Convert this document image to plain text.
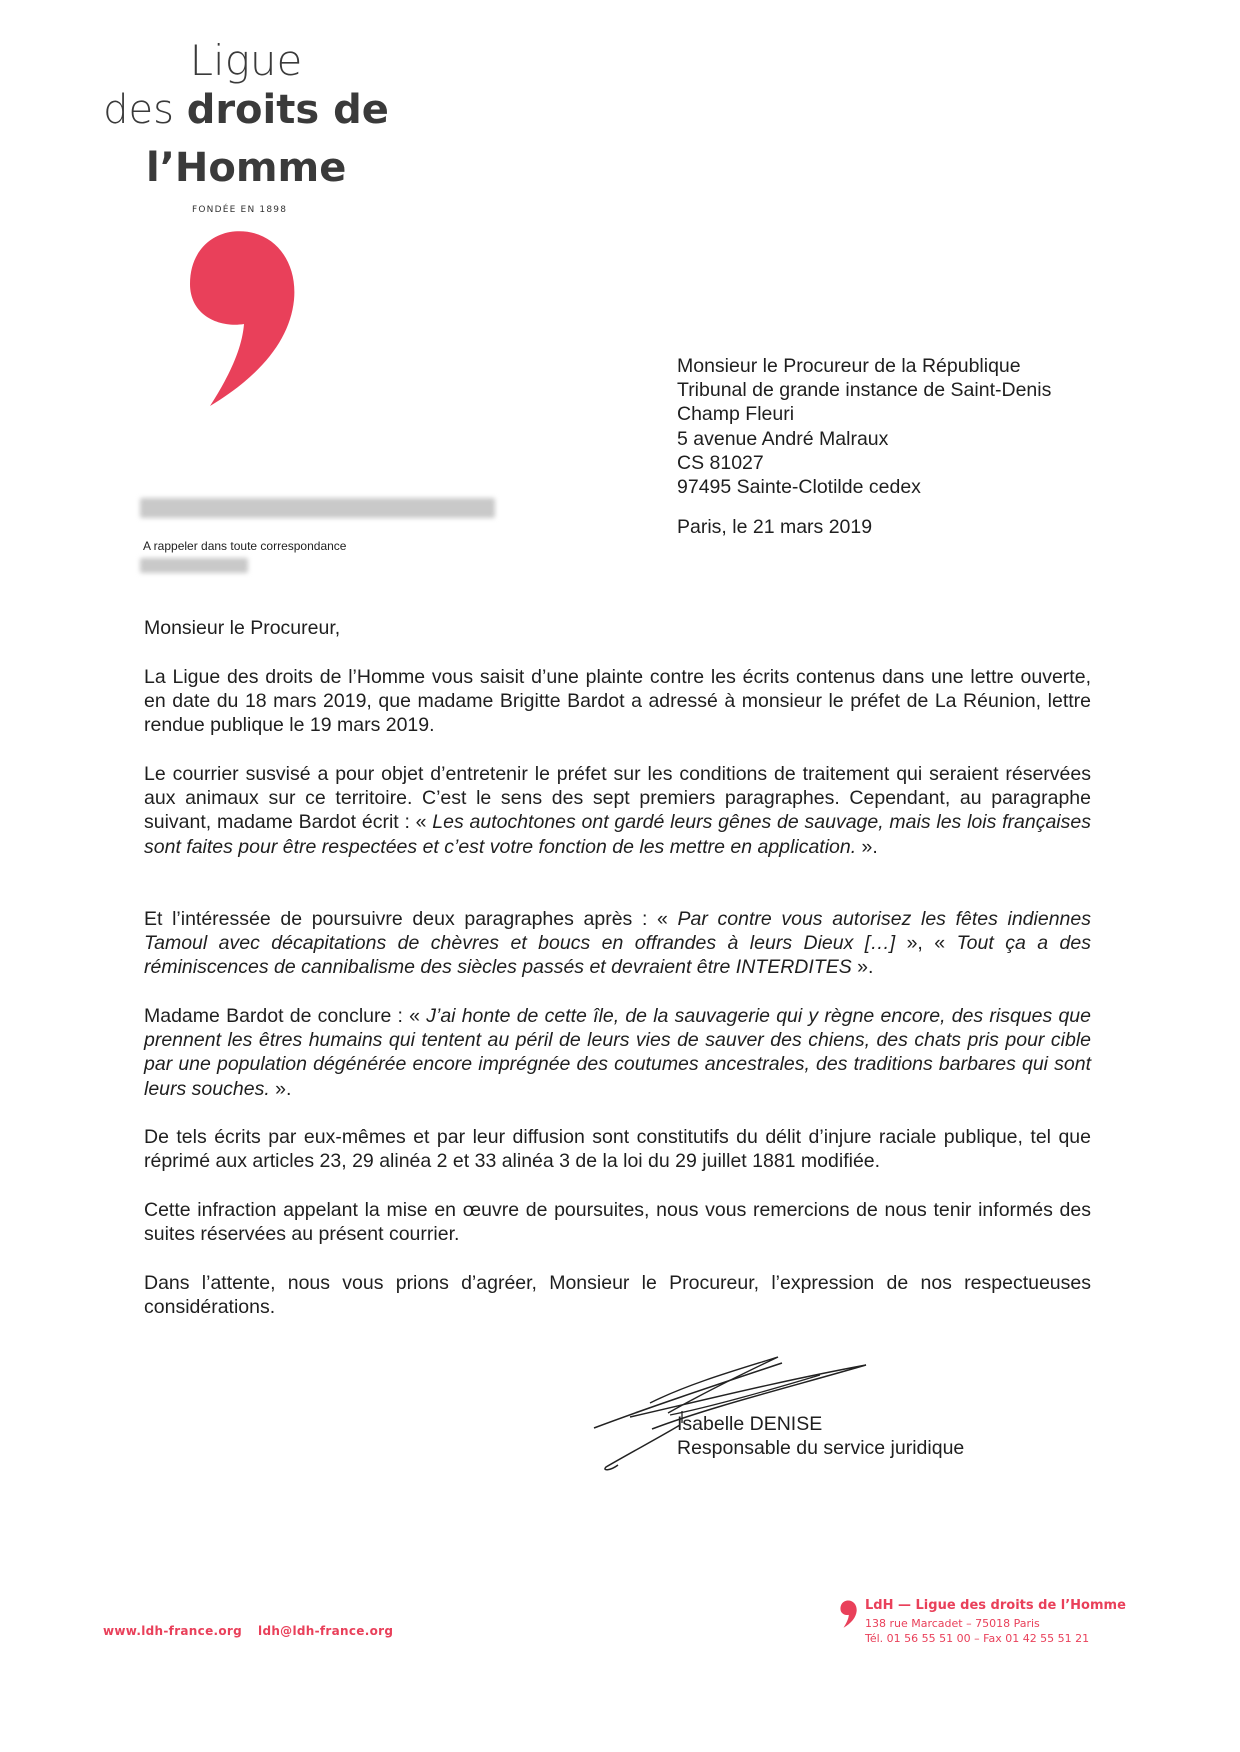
Ligue
des droits de
l’Homme
FONDÉE EN 1898
A rappeler dans toute correspondance
Monsieur le Procureur de la République
Tribunal de grande instance de Saint-Denis
Champ Fleuri
5 avenue André Malraux
CS 81027
97495 Sainte-Clotilde cedex
Paris, le 21 mars 2019
Monsieur le Procureur,

La Ligue des droits de l’Homme vous saisit d’une plainte contre les écrits contenus dans une lettre ouverte, en date du 18 mars 2019, que madame Brigitte Bardot a adressé à monsieur le préfet de La Réunion, lettre rendue publique le 19 mars 2019.

Le courrier susvisé a pour objet d’entretenir le préfet sur les conditions de traitement qui seraient réservées aux animaux sur ce territoire. C’est le sens des sept premiers paragraphes. Cependant, au paragraphe suivant, madame Bardot écrit : « Les autochtones ont gardé leurs gênes de sauvage, mais les lois françaises sont faites pour être respectées et c’est votre fonction de les mettre en application. ».

Et l’intéressée de poursuivre deux paragraphes après : « Par contre vous autorisez les fêtes indiennes Tamoul avec décapitations de chèvres et boucs en offrandes à leurs Dieux […] », « Tout ça a des réminiscences de cannibalisme des siècles passés et devraient être INTERDITES ».

Madame Bardot de conclure : « J’ai honte de cette île, de la sauvagerie qui y règne encore, des risques que prennent les êtres humains qui tentent au péril de leurs vies de sauver des chiens, des chats pris pour cible par une population dégénérée encore imprégnée des coutumes ancestrales, des traditions barbares qui sont leurs souches. ».

De tels écrits par eux-mêmes et par leur diffusion sont constitutifs du délit d’injure raciale publique, tel que réprimé aux articles 23, 29 alinéa 2 et 33 alinéa 3 de la loi du 29 juillet 1881 modifiée.

Cette infraction appelant la mise en œuvre de poursuites, nous vous remercions de nous tenir informés des suites réservées au présent courrier.

Dans l’attente, nous vous prions d’agréer, Monsieur le Procureur, l’expression de nos respectueuses considérations.

Isabelle DENISE
Responsable du service juridique
www.ldh-france.org ldh@ldh-france.org
LdH — Ligue des droits de l’Homme
138 rue Marcadet – 75018 Paris
Tél. 01 56 55 51 00 – Fax 01 42 55 51 21
